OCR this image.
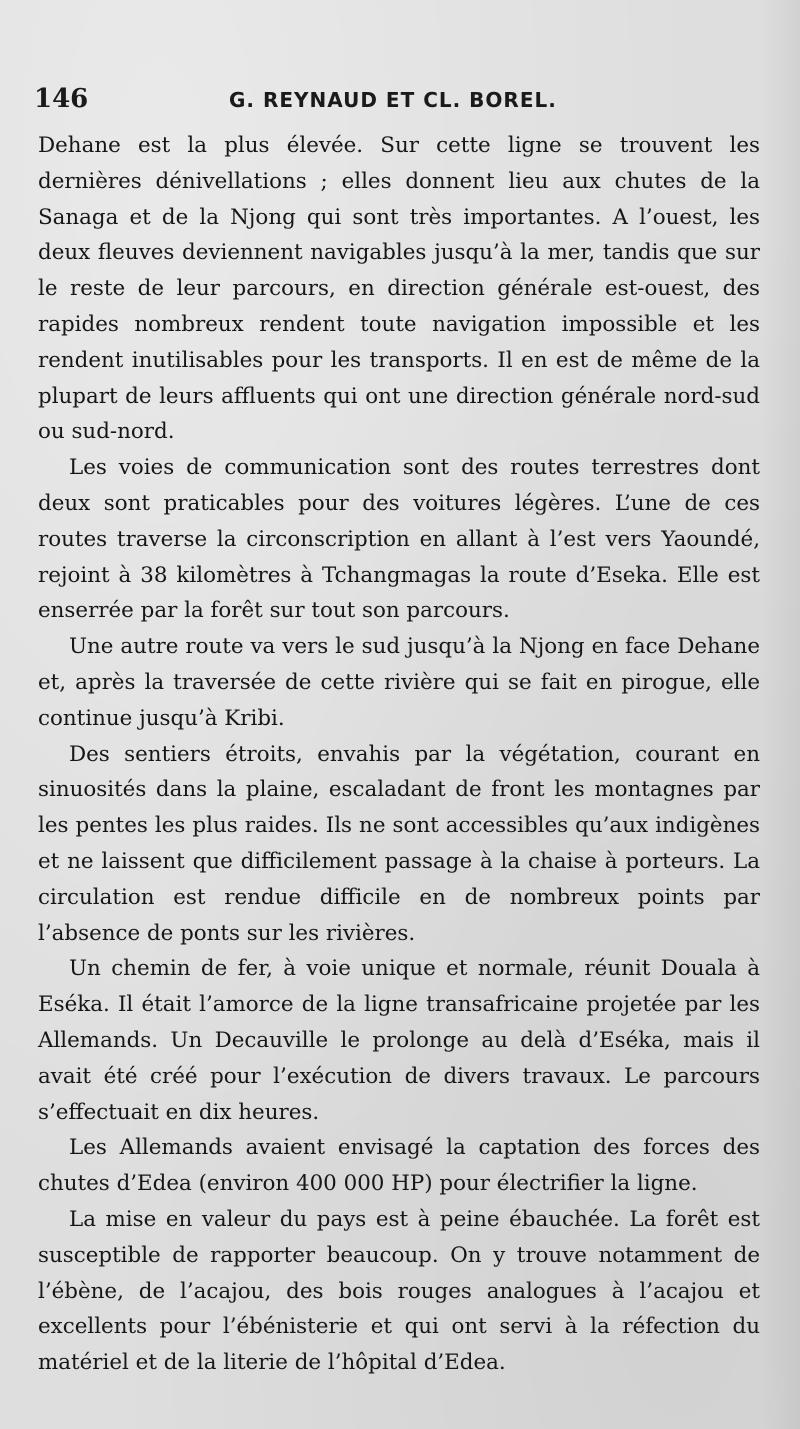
146	G. REYNAUD ET CL. BOREL.

Dehane est la plus élevée. Sur cette ligne se trouvent les dernières dénivellations ; elles donnent lieu aux chutes de la Sanaga et de la Njong qui sont très importantes. A l’ouest, les deux fleuves deviennent navigables jusqu’à la mer, tandis que sur le reste de leur parcours, en direction générale est-ouest, des rapides nombreux rendent toute navigation impossible et les rendent inutilisables pour les transports. Il en est de même de la plupart de leurs affluents qui ont une direction générale nord-sud ou sud-nord.

Les voies de communication sont des routes terrestres dont deux sont praticables pour des voitures légères. L’une de ces routes traverse la circonscription en allant à l’est vers Yaoundé, rejoint à 38 kilomètres à Tchangmagas la route d’Eseka. Elle est enserrée par la forêt sur tout son parcours.

Une autre route va vers le sud jusqu’à la Njong en face Dehane et, après la traversée de cette rivière qui se fait en pirogue, elle continue jusqu’à Kribi.

Des sentiers étroits, envahis par la végétation, courant en sinuosités dans la plaine, escaladant de front les montagnes par les pentes les plus raides. Ils ne sont accessibles qu’aux indigènes et ne laissent que difficilement passage à la chaise à porteurs. La circulation est rendue difficile en de nombreux points par l’absence de ponts sur les rivières.

Un chemin de fer, à voie unique et normale, réunit Douala à Eséka. Il était l’amorce de la ligne transafricaine projetée par les Allemands. Un Decauville le prolonge au delà d’Eséka, mais il avait été créé pour l’exécution de divers travaux. Le parcours s’effectuait en dix heures.

Les Allemands avaient envisagé la captation des forces des chutes d’Edea (environ 400 000 HP) pour électrifier la ligne.

La mise en valeur du pays est à peine ébauchée. La forêt est susceptible de rapporter beaucoup. On y trouve notamment de l’ébène, de l’acajou, des bois rouges analogues à l’acajou et excellents pour l’ébénisterie et qui ont servi à la réfection du matériel et de la literie de l’hôpital d’Edea.
